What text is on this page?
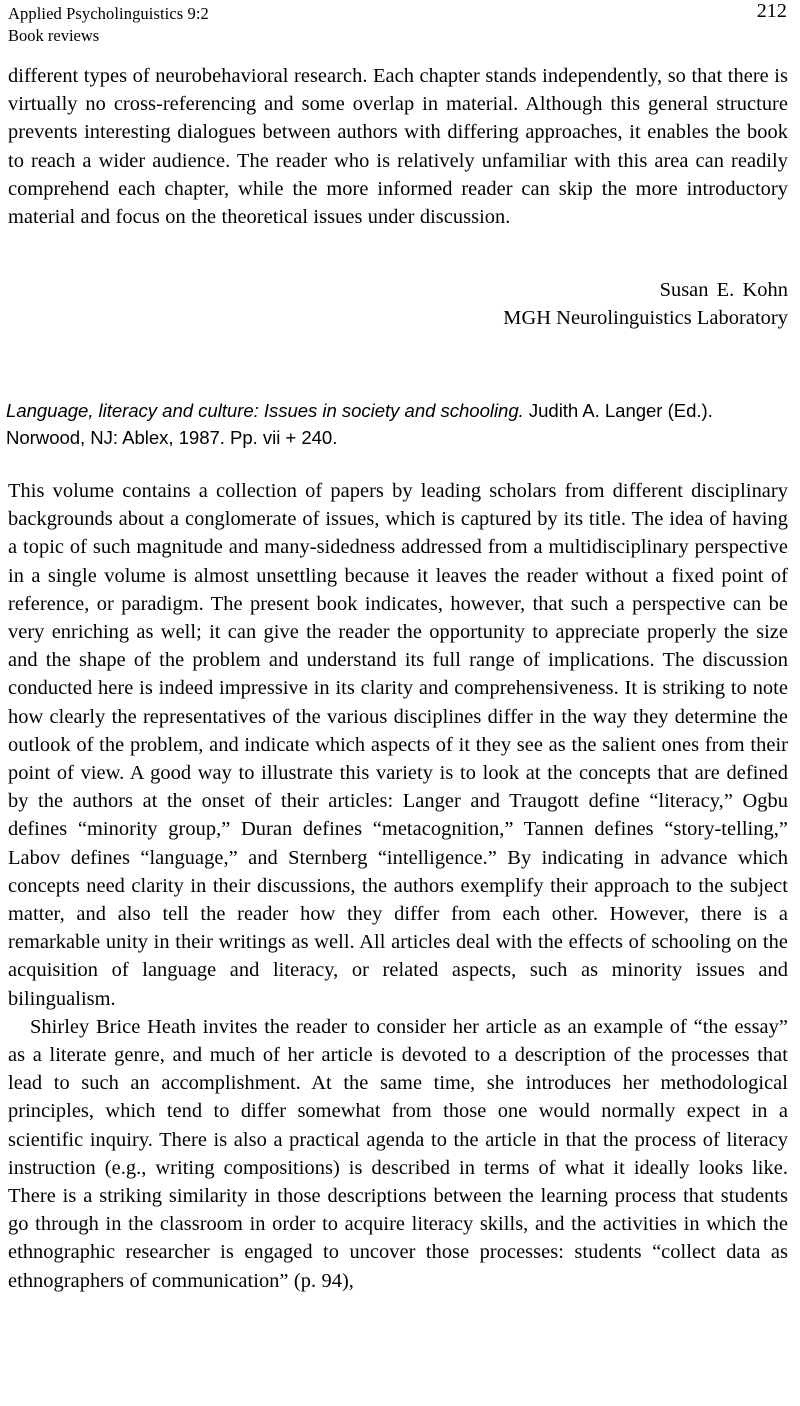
Applied Psycholinguistics 9:2	212
Book reviews

different types of neurobehavioral research. Each chapter stands independently, so that there is virtually no cross-referencing and some overlap in material. Although this general structure prevents interesting dialogues between authors with differing approaches, it enables the book to reach a wider audience. The reader who is relatively unfamiliar with this area can readily comprehend each chapter, while the more informed reader can skip the more introductory material and focus on the theoretical issues under discussion.

Susan E. Kohn
MGH Neurolinguistics Laboratory
Language, literacy and culture: Issues in society and schooling. Judith A. Langer (Ed.). Norwood, NJ: Ablex, 1987. Pp. vii + 240.

This volume contains a collection of papers by leading scholars from different disciplinary backgrounds about a conglomerate of issues, which is captured by its title. The idea of having a topic of such magnitude and many-sidedness addressed from a multidisciplinary perspective in a single volume is almost unsettling because it leaves the reader without a fixed point of reference, or paradigm. The present book indicates, however, that such a perspective can be very enriching as well; it can give the reader the opportunity to appreciate properly the size and the shape of the problem and understand its full range of implications. The discussion conducted here is indeed impressive in its clarity and comprehensiveness. It is striking to note how clearly the representatives of the various disciplines differ in the way they determine the outlook of the problem, and indicate which aspects of it they see as the salient ones from their point of view. A good way to illustrate this variety is to look at the concepts that are defined by the authors at the onset of their articles: Langer and Traugott define “literacy,” Ogbu defines “minority group,” Duran defines “metacognition,” Tannen defines “story-telling,” Labov defines “language,” and Sternberg “intelligence.” By indicating in advance which concepts need clarity in their discussions, the authors exemplify their approach to the subject matter, and also tell the reader how they differ from each other. However, there is a remarkable unity in their writings as well. All articles deal with the effects of schooling on the acquisition of language and literacy, or related aspects, such as minority issues and bilingualism.

Shirley Brice Heath invites the reader to consider her article as an example of “the essay” as a literate genre, and much of her article is devoted to a description of the processes that lead to such an accomplishment. At the same time, she introduces her methodological principles, which tend to differ somewhat from those one would normally expect in a scientific inquiry. There is also a practical agenda to the article in that the process of literacy instruction (e.g., writing compositions) is described in terms of what it ideally looks like. There is a striking similarity in those descriptions between the learning process that students go through in the classroom in order to acquire literacy skills, and the activities in which the ethnographic researcher is engaged to uncover those processes: students “collect data as ethnographers of communication” (p. 94),
